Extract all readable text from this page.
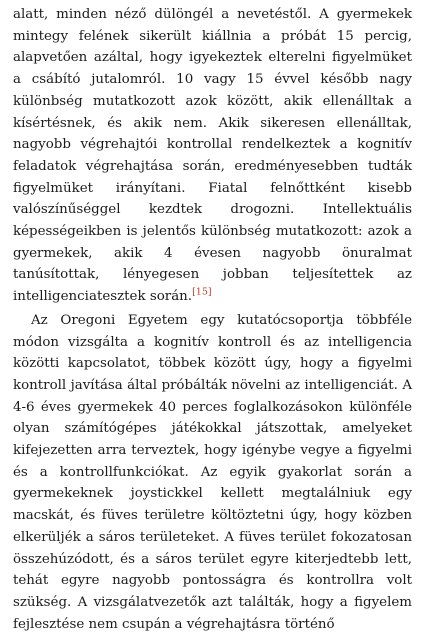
alatt, minden néző dülöngél a nevetéstől. A gyermekek mintegy felének sikerült kiállnia a próbát 15 percig, alapvetően azáltal, hogy igyekeztek elterelni figyelmüket a csábító jutalomról. 10 vagy 15 évvel később nagy különbség mutatkozott azok között, akik ellenálltak a kísértésnek, és akik nem. Akik sikeresen ellenálltak, nagyobb végrehajtói kontrollal rendelkeztek a kognitív feladatok végrehajtása során, eredményesebben tudták figyelmüket irányítani. Fiatal felnőttként kisebb valószínűséggel kezdtek drogozni. Intellektuális képességeikben is jelentős különbség mutatkozott: azok a gyermekek, akik 4 évesen nagyobb önuralmat tanúsítottak, lényegesen jobban teljesítettek az intelligenciatesztek során.[15]

Az Oregoni Egyetem egy kutatócsoportja többféle módon vizsgálta a kognitív kontroll és az intelligencia közötti kapcsolatot, többek között úgy, hogy a figyelmi kontroll javítása által próbálták növelni az intelligenciát. A 4-6 éves gyermekek 40 perces foglalkozásokon különféle olyan számítógépes játékokkal játszottak, amelyeket kifejezetten arra terveztek, hogy igénybe vegye a figyelmi és a kontrollfunkciókat. Az egyik gyakorlat során a gyermekeknek joystickkel kellett megtalálniuk egy macskát, és füves területre költöztetni úgy, hogy közben elkerüljék a sáros területeket. A füves terület fokozatosan összehúzódott, és a sáros terület egyre kiterjedtebb lett, tehát egyre nagyobb pontosságra és kontrollra volt szükség. A vizsgálatvezetők azt találták, hogy a figyelem fejlesztése nem csupán a végrehajtásra történő
